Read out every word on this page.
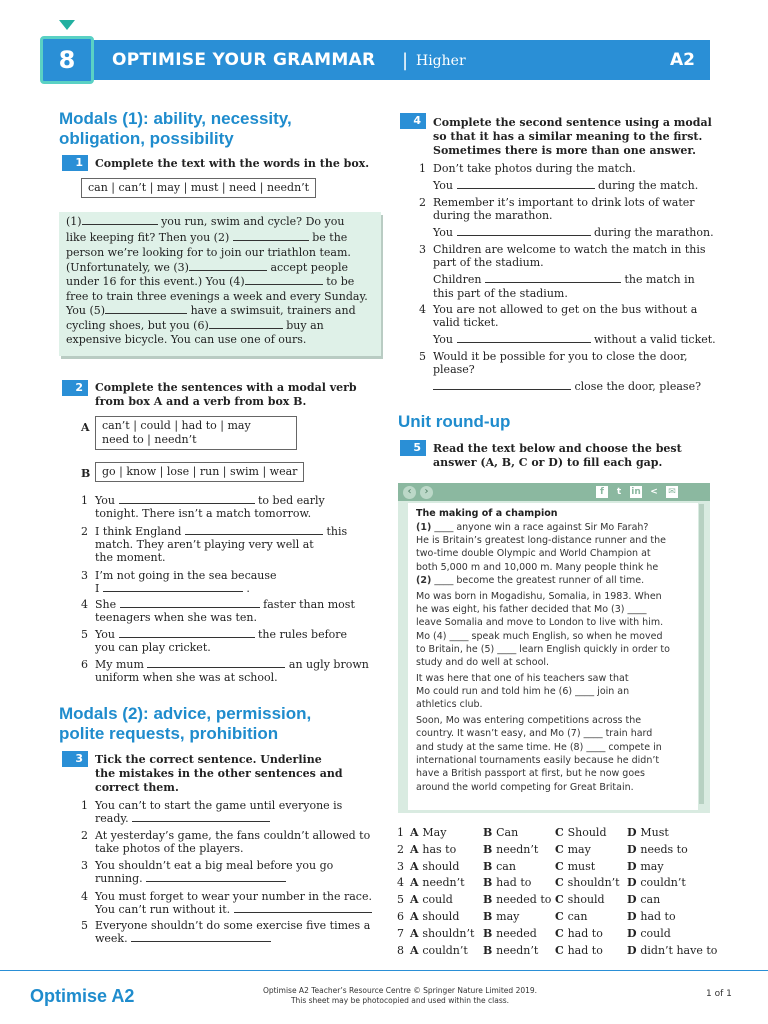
8	OPTIMISE YOUR GRAMMAR | Higher	A2
Modals (1): ability, necessity,
obligation, possibility
1	Complete the text with the words in the box.
can | can’t | may | must | need | needn’t
(1)	you run, swim and cycle? Do you
like keeping fit? Then you (2)	be the
person we’re looking for to join our triathlon team.
(Unfortunately, we (3)	accept people
under 16 for this event.) You (4)	to be
free to train three evenings a week and every Sunday.
You (5)	have a swimsuit, trainers and
cycling shoes, but you (6)	buy an
expensive bicycle. You can use one of ours.
2	Complete the sentences with a modal verb
from box A and a verb from box B.
A can’t | could | had to | may
need to | needn’t
B	go | know | lose | run | swim | wear
1 You	to bed early
tonight. There isn’t a match tomorrow.
2 I think England	this
match. They aren’t playing very well at
the moment.
3 I’m not going in the sea because
I	.
4 She	faster than most
teenagers when she was ten.
5 You	the rules before
you can play cricket.
6 My mum	an ugly brown
uniform when she was at school.
Modals (2): advice, permission,
polite requests, prohibition
3	Tick the correct sentence. Underline
the mistakes in the other sentences and
correct them.
1 You can’t to start the game until everyone is
ready.
2 At yesterday’s game, the fans couldn’t allowed to
take photos of the players.
3 You shouldn’t eat a big meal before you go
running.
4 You must forget to wear your number in the race.
You can’t run without it.
5 Everyone shouldn’t do some exercise five times a
week.
4	Complete the second sentence using a modal
so that it has a similar meaning to the first.
Sometimes there is more than one answer.
1 Don’t take photos during the match.
You	during the match.
2 Remember it’s important to drink lots of water
during the marathon.
You	during the marathon.
3 Children are welcome to watch the match in this
part of the stadium.
Children	the match in
this part of the stadium.
4 You are not allowed to get on the bus without a
valid ticket.
You	without a valid ticket.
5 Would it be possible for you to close the door,
please?
close the door, please?
Unit round-up
5	Read the text below and choose the best
answer (A, B, C or D) to fill each gap.
‹	›	f	t	in < ✉
The making of a champion
(1) ____ anyone win a race against Sir Mo Farah?
He is Britain’s greatest long-distance runner and the
two-time double Olympic and World Champion at
both 5,000 m and 10,000 m. Many people think he
(2) ____ become the greatest runner of all time.
Mo was born in Mogadishu, Somalia, in 1983. When
he was eight, his father decided that Mo (3) ____
leave Somalia and move to London to live with him.
Mo (4) ____ speak much English, so when he moved
to Britain, he (5) ____ learn English quickly in order to
study and do well at school.
It was here that one of his teachers saw that
Mo could run and told him he (6) ____ join an
athletics club.
Soon, Mo was entering competitions across the
country. It wasn’t easy, and Mo (7) ____ train hard
and study at the same time. He (8) ____ compete in
international tournaments easily because he didn’t
have a British passport at first, but he now goes
around the world competing for Great Britain.
1 A May	B Can	C Should D Must
2 A has to B needn’t C may	D needs to
3 A should B can	C must	D may
4 A needn’t B had to C shouldn’t D couldn’t
5 A could	B needed to C should D can
6 A should B may	C can	D had to
7 A shouldn’t B needed C had to D could
8 A couldn’t B needn’t C had to D didn’t have to
Optimise A2	Optimise A2 Teacher’s Resource Centre © Springer Nature Limited 2019.
This sheet may be photocopied and used within the class.
1 of 1
